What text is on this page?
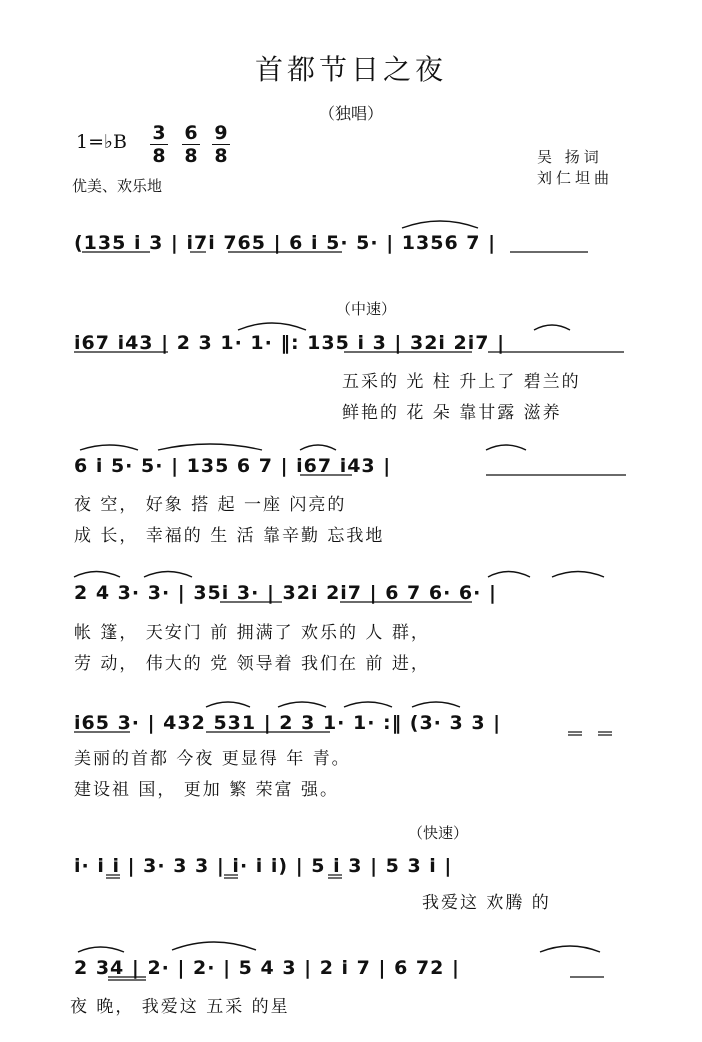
首都节日之夜
（独唱）
1=♭B 3
8
6
8
9
8
优美、欢乐地
吴 扬词
刘仁坦曲
(135 i 3 | i7i 765 | 6 i 5· 5· | 1356 7 |
（中速）
i67 i43 | 2 3 1· 1· ‖: 135 i 3 | 32i 2i7 |
五采的 光 柱 升上了 碧兰的
鲜艳的 花 朵 靠甘露 滋养
6 i 5· 5· | 135 6 7 | i67 i43 |
夜 空， 好象 搭 起 一座 闪亮的
成 长， 幸福的 生 活 靠辛勤 忘我地
2 4 3· 3· | 35i 3· | 32i 2i7 | 6 7 6· 6· |
帐 篷， 天安门 前 拥满了 欢乐的 人 群，
劳 动， 伟大的 党 领导着 我们在 前 进，
i65 3· | 432 531 | 2 3 1· 1· :‖ (3· 3 3 |
美丽的首都 今夜 更显得 年 青。
建设祖 国， 更加 繁 荣富 强。
（快速）
i· i i | 3· 3 3 | i· i i) | 5 i 3 | 5 3 i |
我爱这 欢腾 的
2 34 | 2· | 2· | 5 4 3 | 2 i 7 | 6 72 |
夜 晚， 我爱这 五采 的星
